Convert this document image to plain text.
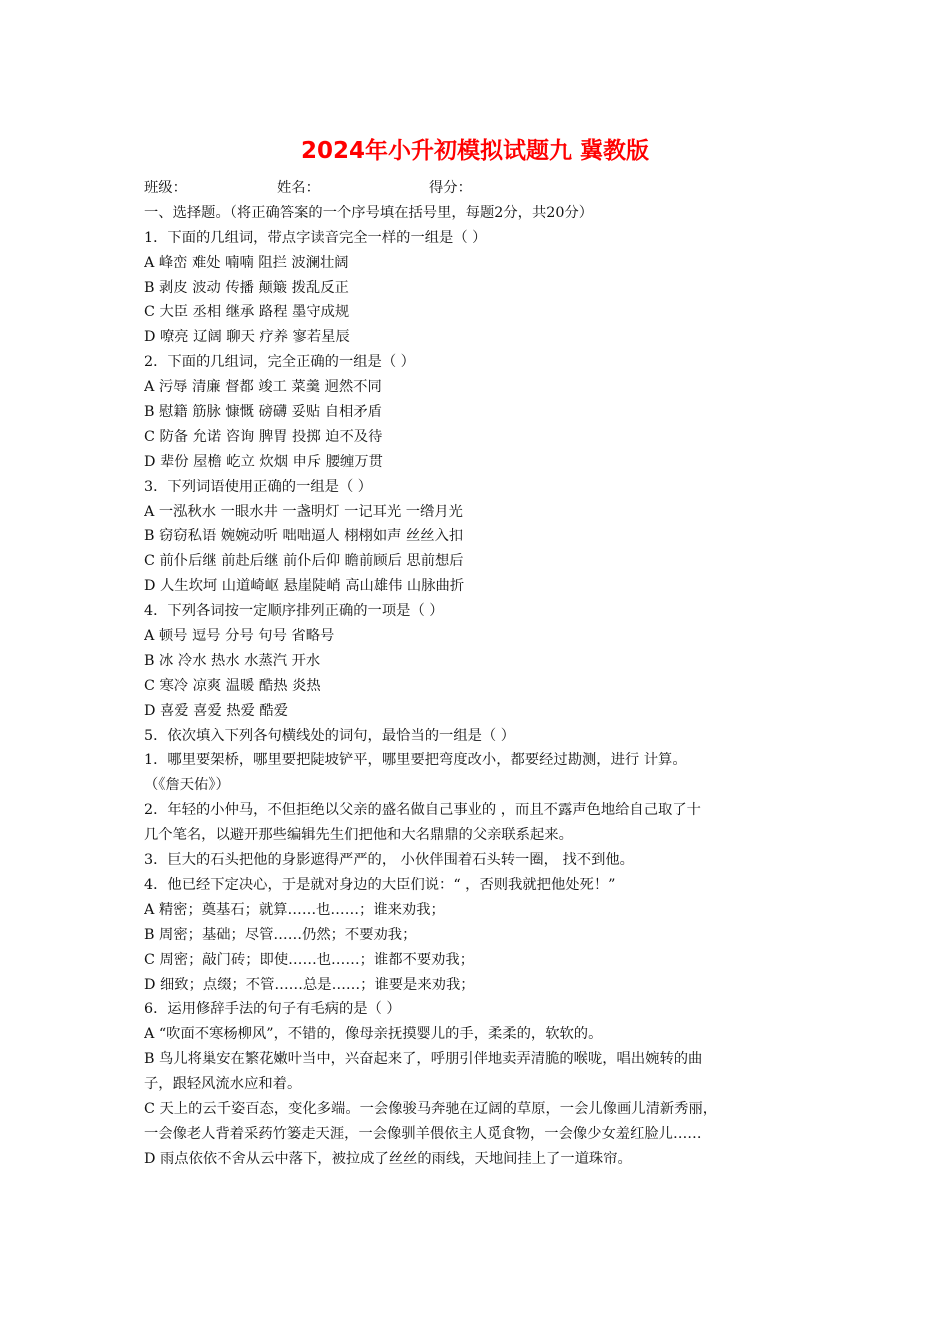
2024年小升初模拟试题九 冀教版
班级：	姓名：	得分：
一、选择题。（将正确答案的一个序号填在括号里，每题2分，共20分）
1．下面的几组词，带点字读音完全一样的一组是（ ）
A 峰峦 难处 喃喃 阻拦 波澜壮阔
B 剥皮 波动 传播 颠簸 拨乱反正
C 大臣 丞相 继承 路程 墨守成规
D 嘹亮 辽阔 聊天 疗养 寥若星辰
2．下面的几组词，完全正确的一组是（ ）
A 污辱 清廉 督都 竣工 菜羹 迥然不同
B 慰籍 筋脉 慷慨 磅礴 妥贴 自相矛盾
C 防备 允诺 咨询 脾胃 投掷 迫不及待
D 辈份 屋檐 屹立 炊烟 申斥 腰缠万贯
3．下列词语使用正确的一组是（ ）
A 一泓秋水 一眼水井 一盏明灯 一记耳光 一绺月光
B 窃窃私语 婉婉动听 咄咄逼人 栩栩如声 丝丝入扣
C 前仆后继 前赴后继 前仆后仰 瞻前顾后 思前想后
D 人生坎坷 山道崎岖 悬崖陡峭 高山雄伟 山脉曲折
4．下列各词按一定顺序排列正确的一项是（ ）
A 顿号 逗号 分号 句号 省略号
B 冰 冷水 热水 水蒸汽 开水
C 寒冷 凉爽 温暖 酷热 炎热
D 喜爱 喜爱 热爱 酷爱
5．依次填入下列各句横线处的词句，最恰当的一组是（ ）
1．哪里要架桥，哪里要把陡坡铲平，哪里要把弯度改小，都要经过勘测，进行 计算。
（《詹天佑》）
2．年轻的小仲马，不但拒绝以父亲的盛名做自己事业的 ，而且不露声色地给自己取了十
几个笔名，以避开那些编辑先生们把他和大名鼎鼎的父亲联系起来。
3．巨大的石头把他的身影遮得严严的， 小伙伴围着石头转一圈， 找不到他。
4．他已经下定决心，于是就对身边的大臣们说：“ ，否则我就把他处死！”
A 精密；奠基石；就算……也……；谁来劝我；
B 周密；基础；尽管……仍然；不要劝我；
C 周密；敲门砖；即使……也……；谁都不要劝我；
D 细致；点缀；不管……总是……；谁要是来劝我；
6．运用修辞手法的句子有毛病的是（ ）
A “吹面不寒杨柳风”，不错的，像母亲抚摸婴儿的手，柔柔的，软软的。
B 鸟儿将巢安在繁花嫩叶当中，兴奋起来了，呼朋引伴地卖弄清脆的喉咙，唱出婉转的曲
子，跟轻风流水应和着。
C 天上的云千姿百态，变化多端。一会像骏马奔驰在辽阔的草原，一会儿像画儿清新秀丽，
一会像老人背着采药竹篓走天涯，一会像驯羊偎依主人觅食物，一会像少女羞红脸儿……
D 雨点依依不舍从云中落下，被拉成了丝丝的雨线，天地间挂上了一道珠帘。
